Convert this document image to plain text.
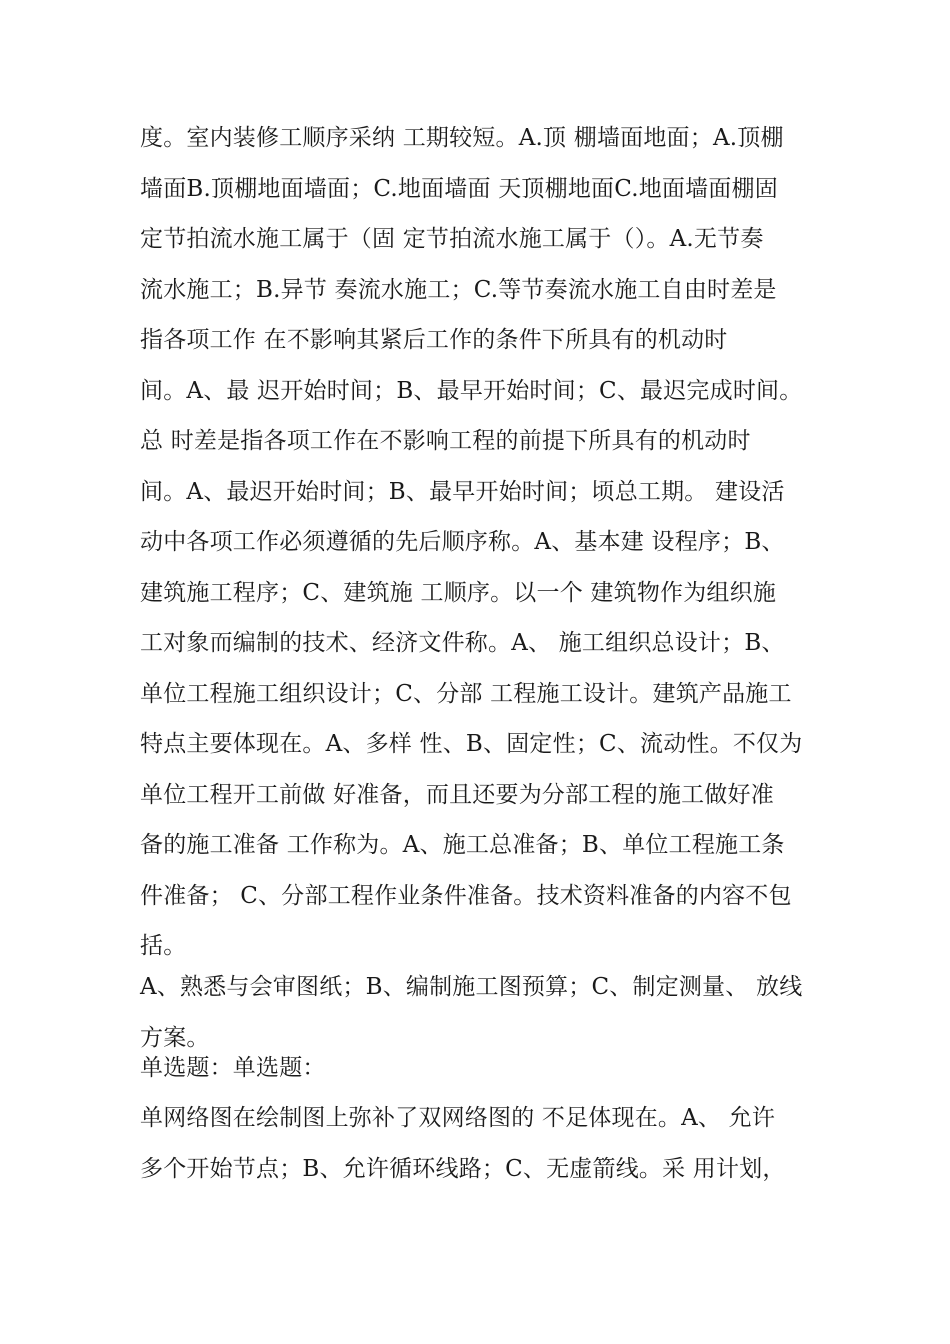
度。室内装修工顺序采纳 工期较短。A.顶 棚墙面地面；A.顶棚
墙面B.顶棚地面墙面；C.地面墙面 天顶棚地面C.地面墙面棚固
定节拍流水施工属于（固 定节拍流水施工属于（）。A.无节奏
流水施工；B.异节 奏流水施工；C.等节奏流水施工自由时差是
指各项工作 在不影响其紧后工作的条件下所具有的机动时
间。A、最 迟开始时间；B、最早开始时间；C、最迟完成时间。
总 时差是指各项工作在不影响工程的前提下所具有的机动时
间。A、最迟开始时间；B、最早开始时间；顷总工期。 建设活
动中各项工作必须遵循的先后顺序称。A、基本建 设程序；B、
建筑施工程序；C、建筑施 工顺序。以一个 建筑物作为组织施
工对象而编制的技术、经济文件称。A、 施工组织总设计；B、
单位工程施工组织设计；C、分部 工程施工设计。建筑产品施工
特点主要体现在。A、多样 性、B、固定性；C、流动性。不仅为
单位工程开工前做 好准备，而且还要为分部工程的施工做好准
备的施工准备 工作称为。A、施工总准备；B、单位工程施工条
件准备； C、分部工程作业条件准备。技术资料准备的内容不包
括。
A、熟悉与会审图纸；B、编制施工图预算；C、制定测量、 放线
方案。
单选题：单选题：
单网络图在绘制图上弥补了双网络图的 不足体现在。A、 允许
多个开始节点；B、允许循环线路；C、无虚箭线。采 用计划，
